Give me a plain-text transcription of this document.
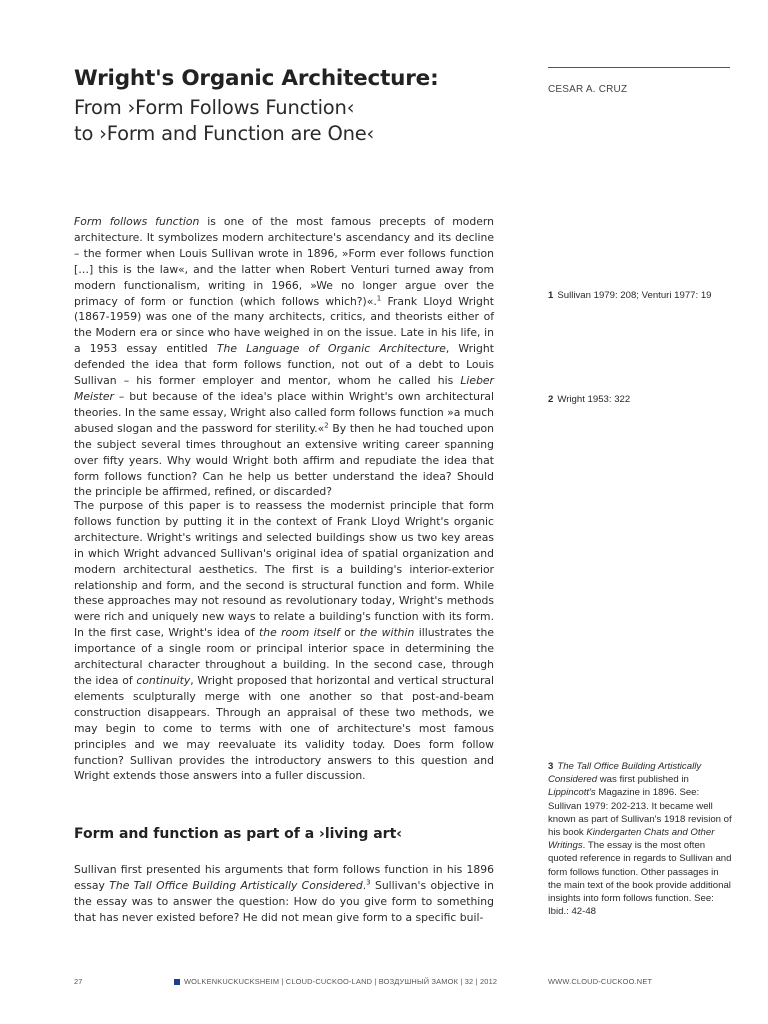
Wright's Organic Architecture:
From ›Form Follows Function‹
to ›Form and Function are One‹
CESAR A. CRUZ

Form follows function is one of the most famous precepts of modern architecture. It symbolizes modern architecture's ascendancy and its decline – the former when Louis Sullivan wrote in 1896, »Form ever follows function […] this is the law«, and the latter when Robert Venturi turned away from modern functionalism, writing in 1966, »We no longer argue over the primacy of form or function (which follows which?)«.$^1$ Frank Lloyd Wright (1867-1959) was one of the many architects, critics, and theorists either of the Modern era or since who have weighed in on the issue. Late in his life, in a 1953 essay entitled The Language of Organic Architecture, Wright defended the idea that form follows function, not out of a debt to Louis Sullivan – his former employer and mentor, whom he called his Lieber Meister – but because of the idea's place within Wright's own architectural theories. In the same essay, Wright also called form follows function »a much abused slogan and the password for sterility.«$^2$ By then he had touched upon the subject several times throughout an extensive writing career spanning over fifty years. Why would Wright both affirm and repudiate the idea that form follows function? Can he help us better understand the idea? Should the principle be affirmed, refined, or discarded?

The purpose of this paper is to reassess the modernist principle that form follows function by putting it in the context of Frank Lloyd Wright's organic architecture. Wright's writings and selected buildings show us two key areas in which Wright advanced Sullivan's original idea of spatial organization and modern architectural aesthetics. The first is a building's interior-exterior relationship and form, and the second is structural function and form. While these approaches may not resound as revolutionary today, Wright's methods were rich and uniquely new ways to relate a building's function with its form. In the first case, Wright's idea of the room itself or the within illustrates the importance of a single room or principal interior space in determining the architectural character throughout a building. In the second case, through the idea of continuity, Wright proposed that horizontal and vertical structural elements sculpturally merge with one another so that post-and-beam construction disappears. Through an appraisal of these two methods, we may begin to come to terms with one of architecture's most famous principles and we may reevaluate its validity today. Does form follow function? Sullivan provides the introductory answers to this question and Wright extends those answers into a fuller discussion.

Form and function as part of a ›living art‹

Sullivan first presented his arguments that form follows function in his 1896 essay The Tall Office Building Artistically Considered.$^3$ Sullivan's objective in the essay was to answer the question: How do you give form to something that has never existed before? He did not mean give form to a specific buil-

1 Sullivan 1979: 208; Venturi 1977: 19
2 Wright 1953: 322
3 The Tall Office Building Artistically Considered was first published in Lippincott's Magazine in 1896. See: Sullivan 1979: 202-213. It became well known as part of Sullivan's 1918 revision of his book Kindergarten Chats and Other Writings. The essay is the most often quoted reference in regards to Sullivan and form follows function. Other passages in the main text of the book provide additional insights into form follows function. See: Ibid.: 42-48
27	WOLKENKUCKUCKSHEIM | CLOUD-CUCKOO-LAND | ВОЗДУШНЫЙ ЗАМОК | 32 | 2012	WWW.CLOUD-CUCKOO.NET
